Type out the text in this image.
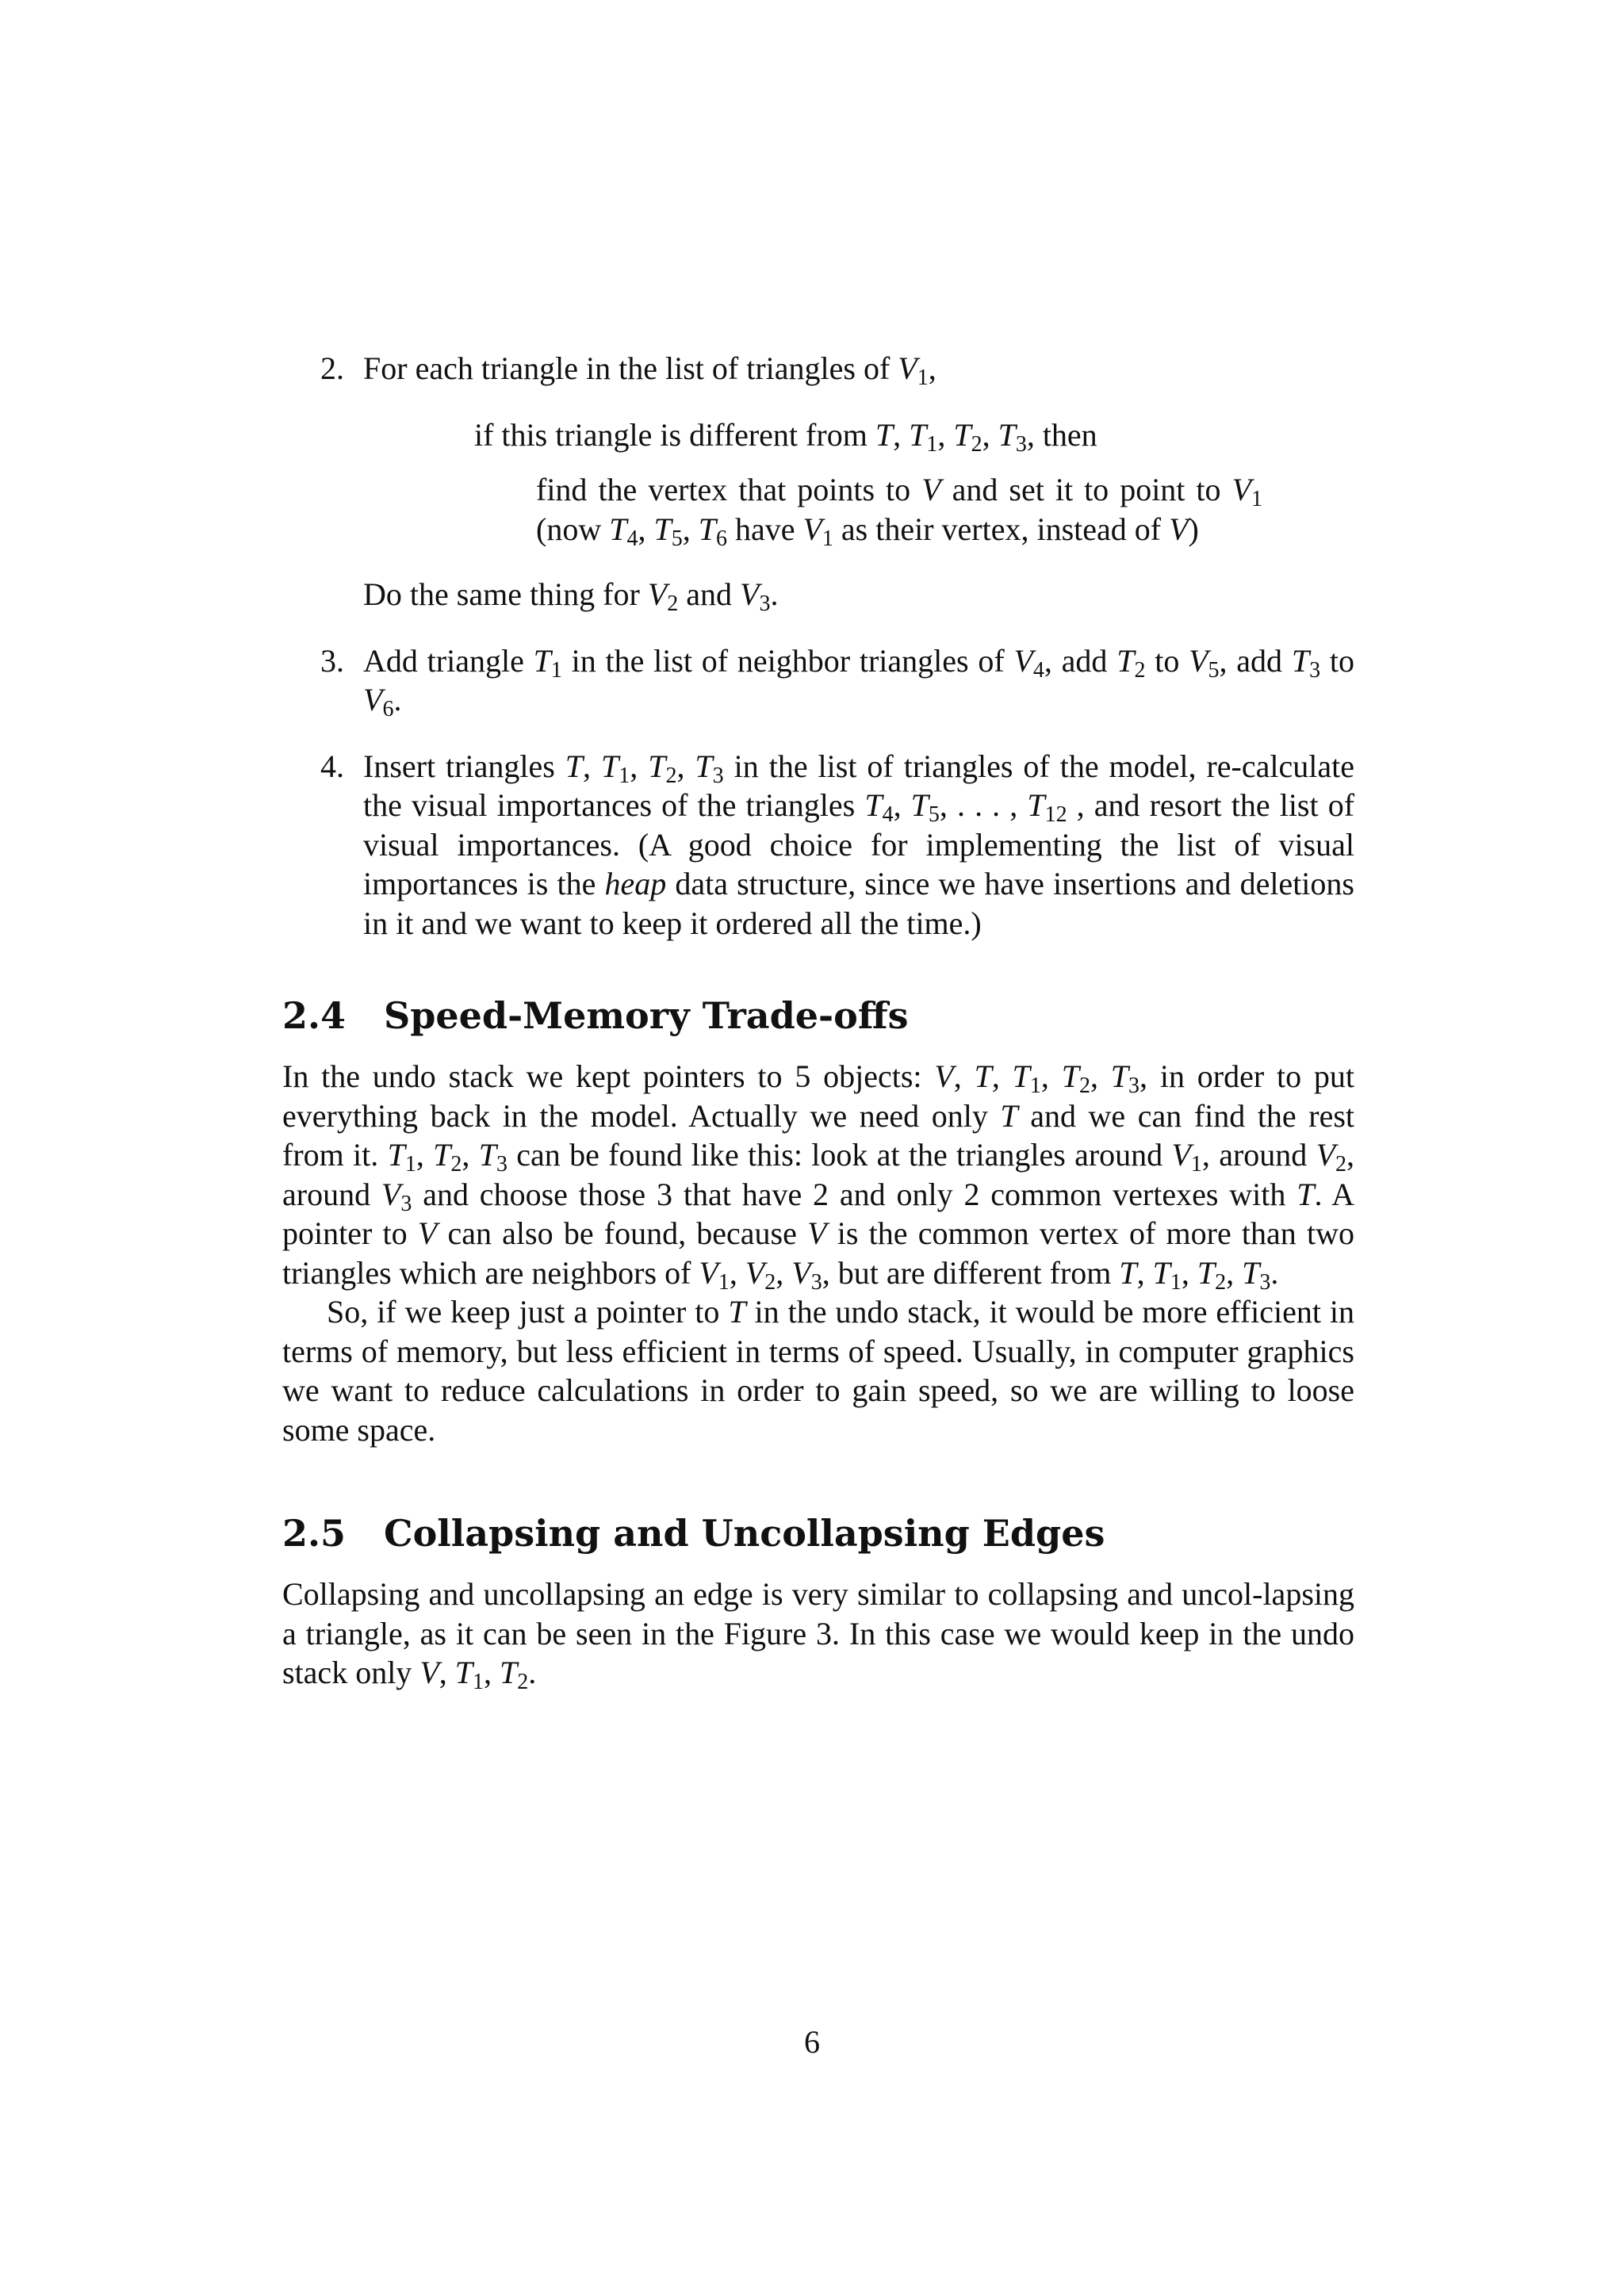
2. For each triangle in the list of triangles of $V_1$,

if this triangle is different from T, $T_1$, $T_2$, $T_3$, then

find the vertex that points to V and set it to point to $V_1$ (now $T_4$, $T_5$, $T_6$ have $V_1$ as their vertex, instead of V)

Do the same thing for $V_2$ and $V_3$.

3. Add triangle $T_1$ in the list of neighbor triangles of $V_4$, add $T_2$ to $V_5$, add $T_3$ to $V_6$.

4. Insert triangles T, $T_1$, $T_2$, $T_3$ in the list of triangles of the model, re-calculate the visual importances of the triangles $T_4$, $T_5$, . . . , $T_{12}$ , and resort the list of visual importances. (A good choice for implementing the list of visual importances is the heap data structure, since we have insertions and deletions in it and we want to keep it ordered all the time.)

2.4	Speed-Memory Trade-offs

In the undo stack we kept pointers to 5 objects: V, T, $T_1$, $T_2$, $T_3$, in order to put everything back in the model. Actually we need only T and we can find the rest from it. $T_1$, $T_2$, $T_3$ can be found like this: look at the triangles around $V_1$, around $V_2$, around $V_3$ and choose those 3 that have 2 and only 2 common vertexes with T. A pointer to V can also be found, because V is the common vertex of more than two triangles which are neighbors of $V_1$, $V_2$, $V_3$, but are different from T, $T_1$, $T_2$, $T_3$.

So, if we keep just a pointer to T in the undo stack, it would be more efficient in terms of memory, but less efficient in terms of speed. Usually, in computer graphics we want to reduce calculations in order to gain speed, so we are willing to loose some space.

2.5	Collapsing and Uncollapsing Edges

Collapsing and uncollapsing an edge is very similar to collapsing and uncol-lapsing a triangle, as it can be seen in the Figure 3. In this case we would keep in the undo stack only V, $T_1$, $T_2$.

6
